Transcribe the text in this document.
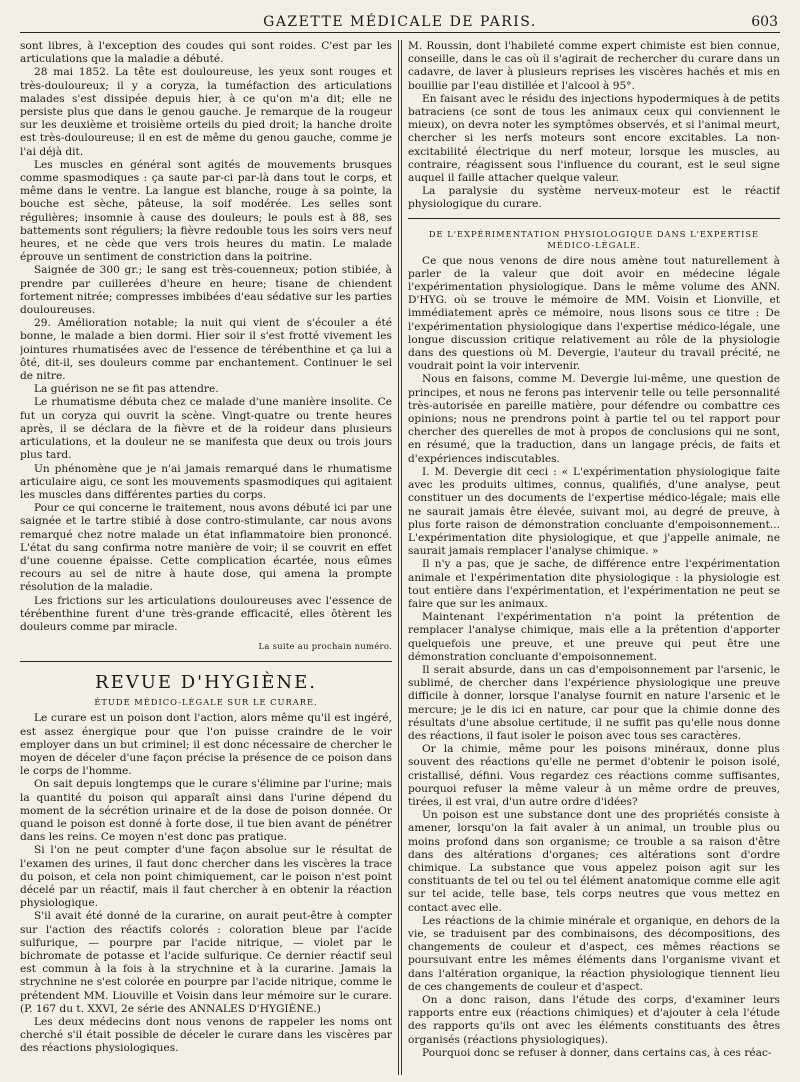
GAZETTE MÉDICALE DE PARIS.	603

sont libres, à l'exception des coudes qui sont roides. C'est par les articulations que la maladie a débuté.

28 mai 1852. La tête est douloureuse, les yeux sont rouges et très-douloureux; il y a coryza, la tuméfaction des articulations malades s'est dissipée depuis hier, à ce qu'on m'a dit; elle ne persiste plus que dans le genou gauche. Je remarque de la rougeur sur les deuxième et troisième orteils du pied droit; la hanche droite est très-douloureuse; il en est de même du genou gauche, comme je l'ai déjà dit.

Les muscles en général sont agités de mouvements brusques comme spasmodiques : ça saute par-ci par-là dans tout le corps, et même dans le ventre. La langue est blanche, rouge à sa pointe, la bouche est sèche, pâteuse, la soif modérée. Les selles sont régulières; insomnie à cause des douleurs; le pouls est à 88, ses battements sont réguliers; la fièvre redouble tous les soirs vers neuf heures, et ne cède que vers trois heures du matin. Le malade éprouve un sentiment de constriction dans la poitrine.

Saignée de 300 gr.; le sang est très-couenneux; potion stibiée, à prendre par cuillerées d'heure en heure; tisane de chiendent fortement nitrée; compresses imbibées d'eau sédative sur les parties douloureuses.

29. Amélioration notable; la nuit qui vient de s'écouler a été bonne, le malade a bien dormi. Hier soir il s'est frotté vivement les jointures rhumatisées avec de l'essence de térébenthine et ça lui a ôté, dit-il, ses douleurs comme par enchantement. Continuer le sel de nitre.

La guérison ne se fit pas attendre.

Le rhumatisme débuta chez ce malade d'une manière insolite. Ce fut un coryza qui ouvrit la scène. Vingt-quatre ou trente heures après, il se déclara de la fièvre et de la roideur dans plusieurs articulations, et la douleur ne se manifesta que deux ou trois jours plus tard.

Un phénomène que je n'ai jamais remarqué dans le rhumatisme articulaire aigu, ce sont les mouvements spasmodiques qui agitaient les muscles dans différentes parties du corps.

Pour ce qui concerne le traitement, nous avons débuté ici par une saignée et le tartre stibié à dose contro-stimulante, car nous avons remarqué chez notre malade un état inflammatoire bien prononcé. L'état du sang confirma notre manière de voir; il se couvrit en effet d'une couenne épaisse. Cette complication écartée, nous eûmes recours au sel de nitre à haute dose, qui amena la prompte résolution de la maladie.

Les frictions sur les articulations douloureuses avec l'essence de térébenthine furent d'une très-grande efficacité, elles ôtèrent les douleurs comme par miracle.

La suite au prochain numéro.

REVUE D'HYGIÈNE.
ÉTUDE MÉDICO-LÉGALE SUR LE CURARE.

Le curare est un poison dont l'action, alors même qu'il est ingéré, est assez énergique pour que l'on puisse craindre de le voir employer dans un but criminel; il est donc nécessaire de chercher le moyen de déceler d'une façon précise la présence de ce poison dans le corps de l'homme.

On sait depuis longtemps que le curare s'élimine par l'urine; mais la quantité du poison qui apparaît ainsi dans l'urine dépend du moment de la sécrétion urinaire et de la dose de poison donnée. Or quand le poison est donné à forte dose, il tue bien avant de pénétrer dans les reins. Ce moyen n'est donc pas pratique.

Si l'on ne peut compter d'une façon absolue sur le résultat de l'examen des urines, il faut donc chercher dans les viscères la trace du poison, et cela non point chimiquement, car le poison n'est point décelé par un réactif, mais il faut chercher à en obtenir la réaction physiologique.

S'il avait été donné de la curarine, on aurait peut-être à compter sur l'action des réactifs colorés : coloration bleue par l'acide sulfurique, — pourpre par l'acide nitrique, — violet par le bichromate de potasse et l'acide sulfurique. Ce dernier réactif seul est commun à la fois à la strychnine et à la curarine. Jamais la strychnine ne s'est colorée en pourpre par l'acide nitrique, comme le prétendent MM. Liouville et Voisin dans leur mémoire sur le curare. (P. 167 du t. XXVI, 2e série des ANNALES D'HYGIÈNE.)

Les deux médecins dont nous venons de rappeler les noms ont cherché s'il était possible de déceler le curare dans les viscères par des réactions physiologiques.

M. Roussin, dont l'habileté comme expert chimiste est bien connue, conseille, dans le cas où il s'agirait de rechercher du curare dans un cadavre, de laver à plusieurs reprises les viscères hachés et mis en bouillie par l'eau distillée et l'alcool à 95°.

En faisant avec le résidu des injections hypodermiques à de petits batraciens (ce sont de tous les animaux ceux qui conviennent le mieux), on devra noter les symptômes observés, et si l'animal meurt, chercher si les nerfs moteurs sont encore excitables. La non-excitabilité électrique du nerf moteur, lorsque les muscles, au contraire, réagissent sous l'influence du courant, est le seul signe auquel il faille attacher quelque valeur.

La paralysie du système nerveux-moteur est le réactif physiologique du curare.

DE L'EXPÉRIMENTATION PHYSIOLOGIQUE DANS L'EXPERTISE MÉDICO-LÉGALE.

Ce que nous venons de dire nous amène tout naturellement à parler de la valeur que doit avoir en médecine légale l'expérimentation physiologique. Dans le même volume des ANN. D'HYG. où se trouve le mémoire de MM. Voisin et Lionville, et immédiatement après ce mémoire, nous lisons sous ce titre : De l'expérimentation physiologique dans l'expertise médico-légale, une longue discussion critique relativement au rôle de la physiologie dans des questions où M. Devergie, l'auteur du travail précité, ne voudrait point la voir intervenir.

Nous en faisons, comme M. Devergie lui-même, une question de principes, et nous ne ferons pas intervenir telle ou telle personnalité très-autorisée en pareille matière, pour défendre ou combattre ces opinions; nous ne prendrons point à partie tel ou tel rapport pour chercher des querelles de mot à propos de conclusions qui ne sont, en résumé, que la traduction, dans un langage précis, de faits et d'expériences indiscutables.

I. M. Devergie dit ceci : « L'expérimentation physiologique faite avec les produits ultimes, connus, qualifiés, d'une analyse, peut constituer un des documents de l'expertise médico-légale; mais elle ne saurait jamais être élevée, suivant moi, au degré de preuve, à plus forte raison de démonstration concluante d'empoisonnement... L'expérimentation dite physiologique, et que j'appelle animale, ne saurait jamais remplacer l'analyse chimique. »

Il n'y a pas, que je sache, de différence entre l'expérimentation animale et l'expérimentation dite physiologique : la physiologie est tout entière dans l'expérimentation, et l'expérimentation ne peut se faire que sur les animaux.

Maintenant l'expérimentation n'a point la prétention de remplacer l'analyse chimique, mais elle a la prétention d'apporter quelquefois une preuve, et une preuve qui peut être une démonstration concluante d'empoisonnement.

Il serait absurde, dans un cas d'empoisonnement par l'arsenic, le sublimé, de chercher dans l'expérience physiologique une preuve difficile à donner, lorsque l'analyse fournit en nature l'arsenic et le mercure; je le dis ici en nature, car pour que la chimie donne des résultats d'une absolue certitude, il ne suffit pas qu'elle nous donne des réactions, il faut isoler le poison avec tous ses caractères.

Or la chimie, même pour les poisons minéraux, donne plus souvent des réactions qu'elle ne permet d'obtenir le poison isolé, cristallisé, défini. Vous regardez ces réactions comme suffisantes, pourquoi refuser la même valeur à un même ordre de preuves, tirées, il est vrai, d'un autre ordre d'idées?

Un poison est une substance dont une des propriétés consiste à amener, lorsqu'on la fait avaler à un animal, un trouble plus ou moins profond dans son organisme; ce trouble a sa raison d'être dans des altérations d'organes; ces altérations sont d'ordre chimique. La substance que vous appelez poison agit sur les constituants de tel ou tel ou tel élément anatomique comme elle agit sur tel acide, telle base, tels corps neutres que vous mettez en contact avec elle.

Les réactions de la chimie minérale et organique, en dehors de la vie, se traduisent par des combinaisons, des décompositions, des changements de couleur et d'aspect, ces mêmes réactions se poursuivant entre les mêmes éléments dans l'organisme vivant et dans l'altération organique, la réaction physiologique tiennent lieu de ces changements de couleur et d'aspect.

On a donc raison, dans l'étude des corps, d'examiner leurs rapports entre eux (réactions chimiques) et d'ajouter à cela l'étude des rapports qu'ils ont avec les éléments constituants des êtres organisés (réactions physiologiques).

Pourquoi donc se refuser à donner, dans certains cas, à ces réac-
